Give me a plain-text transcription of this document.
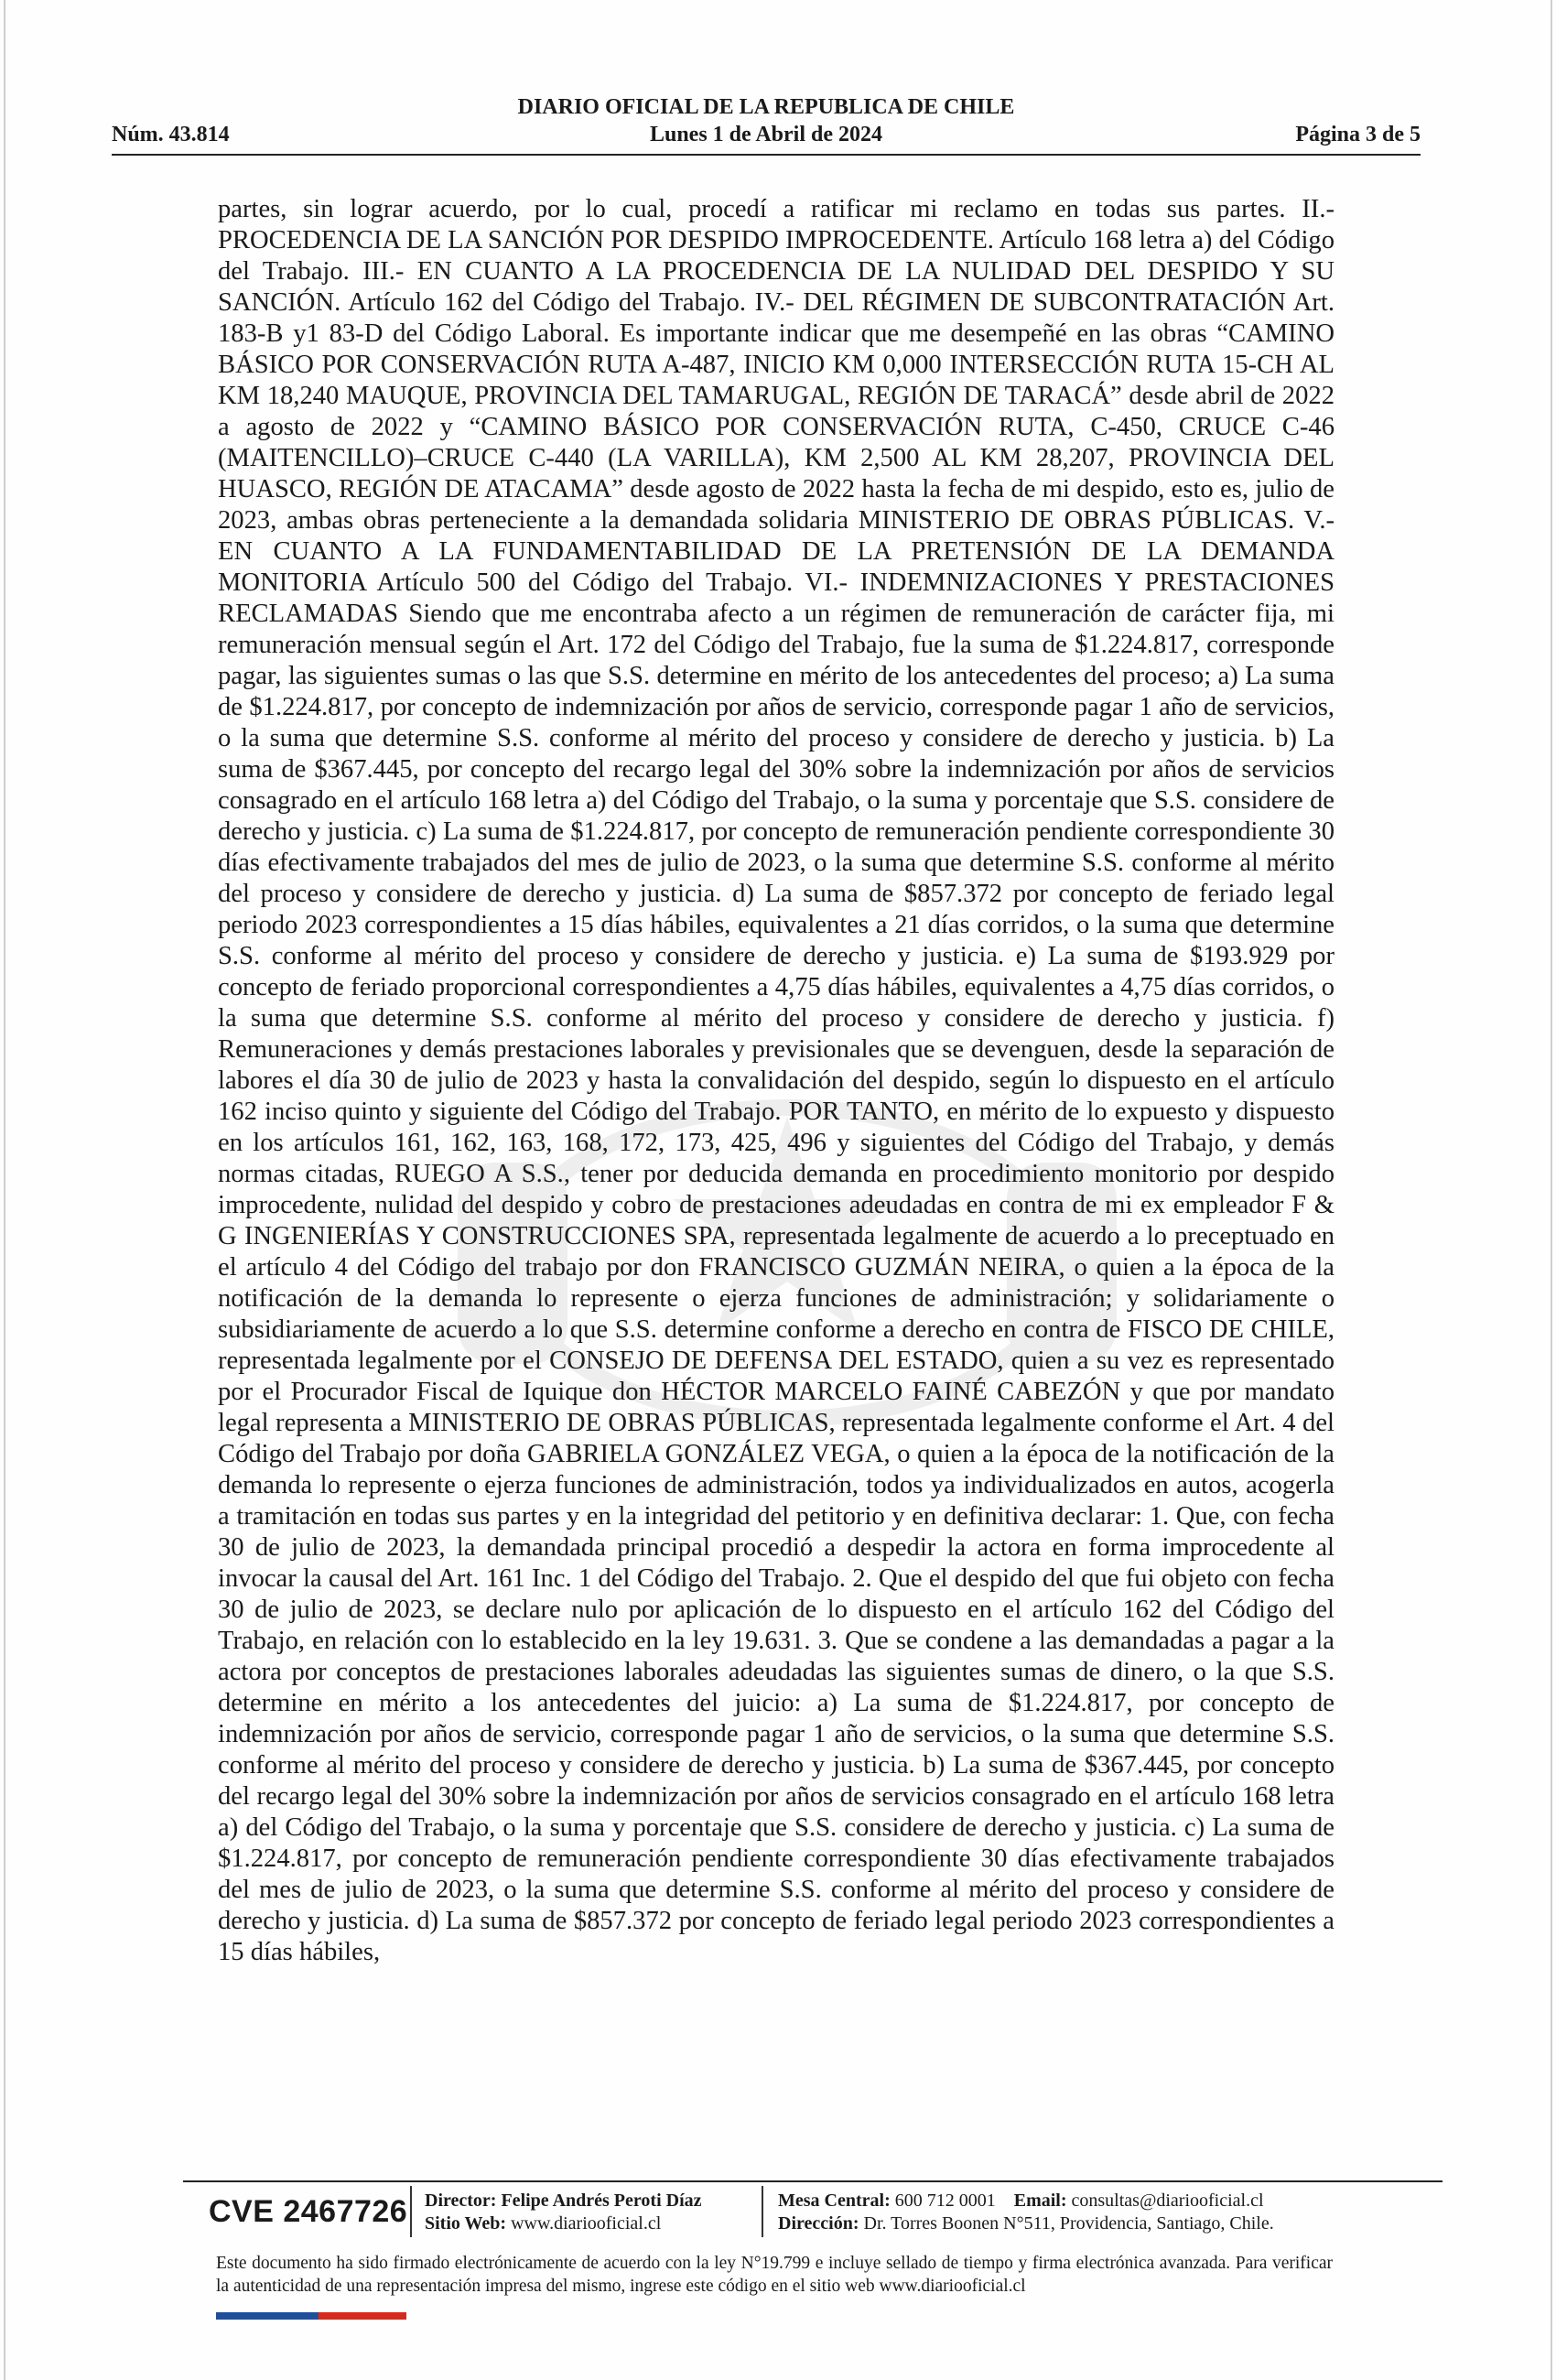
DIARIO OFICIAL DE LA REPUBLICA DE CHILE
Núm. 43.814	Lunes 1 de Abril de 2024	Página 3 de 5

partes, sin lograr acuerdo, por lo cual, procedí a ratificar mi reclamo en todas sus partes. II.- PROCEDENCIA DE LA SANCIÓN POR DESPIDO IMPROCEDENTE. Artículo 168 letra a) del Código del Trabajo. III.- EN CUANTO A LA PROCEDENCIA DE LA NULIDAD DEL DESPIDO Y SU SANCIÓN. Artículo 162 del Código del Trabajo. IV.- DEL RÉGIMEN DE SUBCONTRATACIÓN Art. 183-B y1 83-D del Código Laboral. Es importante indicar que me desempeñé en las obras “CAMINO BÁSICO POR CONSERVACIÓN RUTA A-487, INICIO KM 0,000 INTERSECCIÓN RUTA 15-CH AL KM 18,240 MAUQUE, PROVINCIA DEL TAMARUGAL, REGIÓN DE TARACÁ” desde abril de 2022 a agosto de 2022 y “CAMINO BÁSICO POR CONSERVACIÓN RUTA, C-450, CRUCE C-46 (MAITENCILLO)–CRUCE C-440 (LA VARILLA), KM 2,500 AL KM 28,207, PROVINCIA DEL HUASCO, REGIÓN DE ATACAMA” desde agosto de 2022 hasta la fecha de mi despido, esto es, julio de 2023, ambas obras perteneciente a la demandada solidaria MINISTERIO DE OBRAS PÚBLICAS. V.- EN CUANTO A LA FUNDAMENTABILIDAD DE LA PRETENSIÓN DE LA DEMANDA MONITORIA Artículo 500 del Código del Trabajo. VI.- INDEMNIZACIONES Y PRESTACIONES RECLAMADAS Siendo que me encontraba afecto a un régimen de remuneración de carácter fija, mi remuneración mensual según el Art. 172 del Código del Trabajo, fue la suma de $1.224.817, corresponde pagar, las siguientes sumas o las que S.S. determine en mérito de los antecedentes del proceso; a) La suma de $1.224.817, por concepto de indemnización por años de servicio, corresponde pagar 1 año de servicios, o la suma que determine S.S. conforme al mérito del proceso y considere de derecho y justicia. b) La suma de $367.445, por concepto del recargo legal del 30% sobre la indemnización por años de servicios consagrado en el artículo 168 letra a) del Código del Trabajo, o la suma y porcentaje que S.S. considere de derecho y justicia. c) La suma de $1.224.817, por concepto de remuneración pendiente correspondiente 30 días efectivamente trabajados del mes de julio de 2023, o la suma que determine S.S. conforme al mérito del proceso y considere de derecho y justicia. d) La suma de $857.372 por concepto de feriado legal periodo 2023 correspondientes a 15 días hábiles, equivalentes a 21 días corridos, o la suma que determine S.S. conforme al mérito del proceso y considere de derecho y justicia. e) La suma de $193.929 por concepto de feriado proporcional correspondientes a 4,75 días hábiles, equivalentes a 4,75 días corridos, o la suma que determine S.S. conforme al mérito del proceso y considere de derecho y justicia. f) Remuneraciones y demás prestaciones laborales y previsionales que se devenguen, desde la separación de labores el día 30 de julio de 2023 y hasta la convalidación del despido, según lo dispuesto en el artículo 162 inciso quinto y siguiente del Código del Trabajo. POR TANTO, en mérito de lo expuesto y dispuesto en los artículos 161, 162, 163, 168, 172, 173, 425, 496 y siguientes del Código del Trabajo, y demás normas citadas, RUEGO A S.S., tener por deducida demanda en procedimiento monitorio por despido improcedente, nulidad del despido y cobro de prestaciones adeudadas en contra de mi ex empleador F & G INGENIERÍAS Y CONSTRUCCIONES SPA, representada legalmente de acuerdo a lo preceptuado en el artículo 4 del Código del trabajo por don FRANCISCO GUZMÁN NEIRA, o quien a la época de la notificación de la demanda lo represente o ejerza funciones de administración; y solidariamente o subsidiariamente de acuerdo a lo que S.S. determine conforme a derecho en contra de FISCO DE CHILE, representada legalmente por el CONSEJO DE DEFENSA DEL ESTADO, quien a su vez es representado por el Procurador Fiscal de Iquique don HÉCTOR MARCELO FAINÉ CABEZÓN y que por mandato legal representa a MINISTERIO DE OBRAS PÚBLICAS, representada legalmente conforme el Art. 4 del Código del Trabajo por doña GABRIELA GONZÁLEZ VEGA, o quien a la época de la notificación de la demanda lo represente o ejerza funciones de administración, todos ya individualizados en autos, acogerla a tramitación en todas sus partes y en la integridad del petitorio y en definitiva declarar: 1. Que, con fecha 30 de julio de 2023, la demandada principal procedió a despedir la actora en forma improcedente al invocar la causal del Art. 161 Inc. 1 del Código del Trabajo. 2. Que el despido del que fui objeto con fecha 30 de julio de 2023, se declare nulo por aplicación de lo dispuesto en el artículo 162 del Código del Trabajo, en relación con lo establecido en la ley 19.631. 3. Que se condene a las demandadas a pagar a la actora por conceptos de prestaciones laborales adeudadas las siguientes sumas de dinero, o la que S.S. determine en mérito a los antecedentes del juicio: a) La suma de $1.224.817, por concepto de indemnización por años de servicio, corresponde pagar 1 año de servicios, o la suma que determine S.S. conforme al mérito del proceso y considere de derecho y justicia. b) La suma de $367.445, por concepto del recargo legal del 30% sobre la indemnización por años de servicios consagrado en el artículo 168 letra a) del Código del Trabajo, o la suma y porcentaje que S.S. considere de derecho y justicia. c) La suma de $1.224.817, por concepto de remuneración pendiente correspondiente 30 días efectivamente trabajados del mes de julio de 2023, o la suma que determine S.S. conforme al mérito del proceso y considere de derecho y justicia. d) La suma de $857.372 por concepto de feriado legal periodo 2023 correspondientes a 15 días hábiles,

CVE 2467726 Director: Felipe Andrés Peroti Díaz
Sitio Web: www.diariooficial.cl
Mesa Central: 600 712 0001 Email: consultas@diariooficial.cl
Dirección: Dr. Torres Boonen N°511, Providencia, Santiago, Chile.

Este documento ha sido firmado electrónicamente de acuerdo con la ley N°19.799 e incluye sellado de tiempo y firma electrónica avanzada. Para verificar la autenticidad de una representación impresa del mismo, ingrese este código en el sitio web www.diariooficial.cl
